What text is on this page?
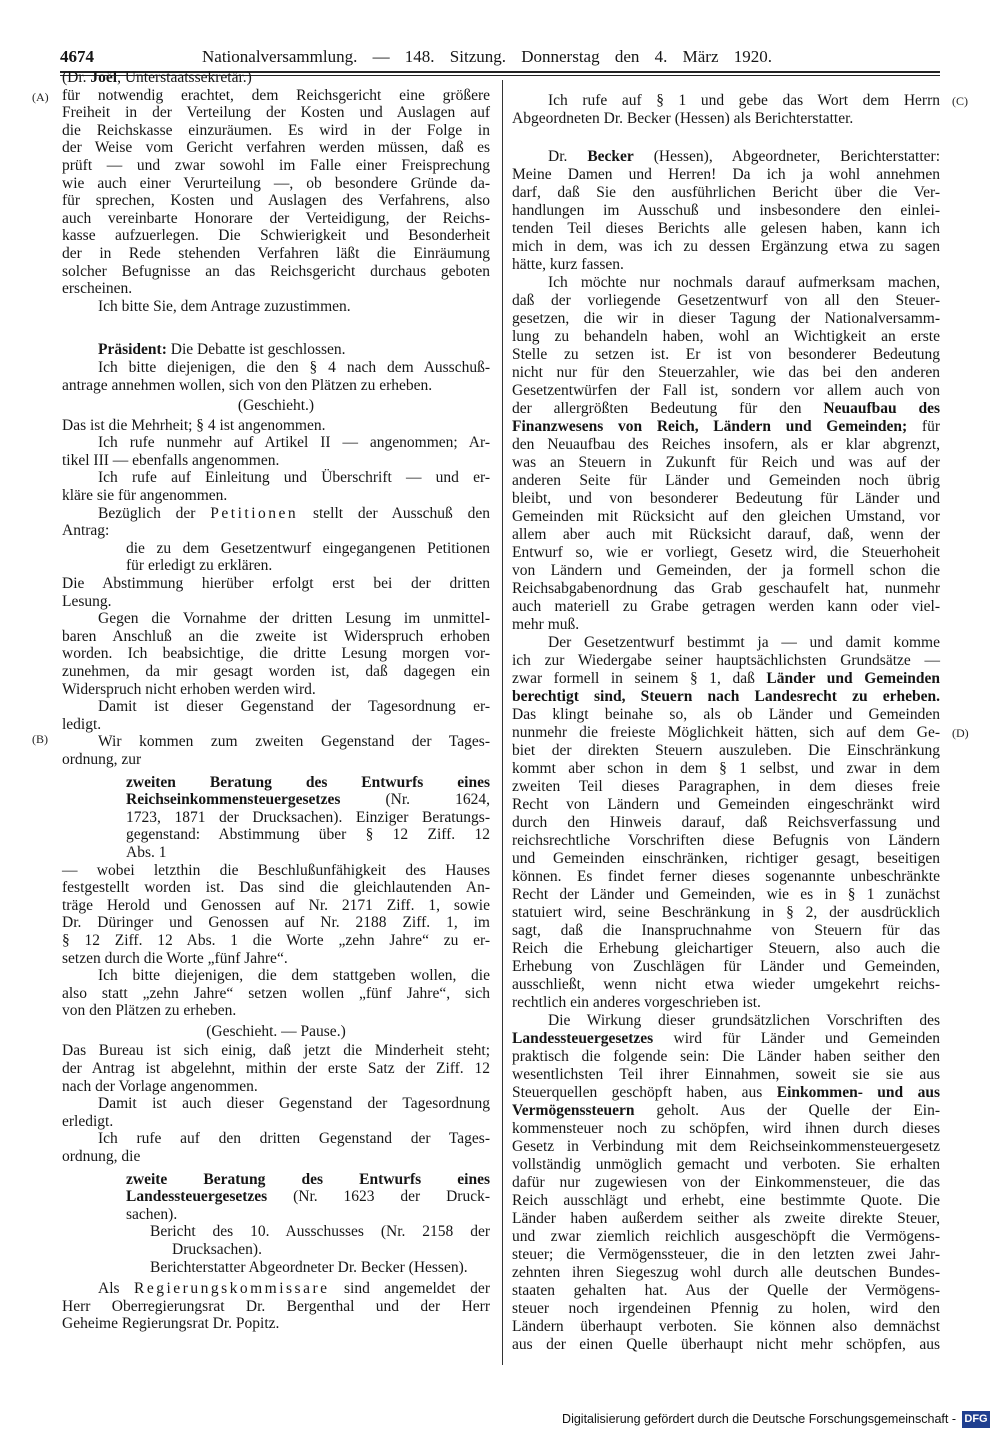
4674	Nationalversammlung. — 148. Sitzung. Donnerstag den 4. März 1920.
(A)
(B)
(C)
(D)
(Dr. Joël, Unterstaatssekretär.)
für notwendig erachtet, dem Reichsgericht eine größere
Freiheit in der Verteilung der Kosten und Auslagen auf
die Reichskasse einzuräumen. Es wird in der Folge in
der Weise vom Gericht verfahren werden müssen, daß es
prüft — und zwar sowohl im Falle einer Freisprechung
wie auch einer Verurteilung —, ob besondere Gründe da-
für sprechen, Kosten und Auslagen des Verfahrens, also
auch vereinbarte Honorare der Verteidigung, der Reichs-
kasse aufzuerlegen. Die Schwierigkeit und Besonderheit
der in Rede stehenden Verfahren läßt die Einräumung
solcher Befugnisse an das Reichsgericht durchaus geboten
erscheinen.
Ich bitte Sie, dem Antrage zuzustimmen.
Präsident: Die Debatte ist geschlossen.
Ich bitte diejenigen, die den § 4 nach dem Ausschuß-
antrage annehmen wollen, sich von den Plätzen zu erheben.
(Geschieht.)
Das ist die Mehrheit; § 4 ist angenommen.
Ich rufe nunmehr auf Artikel II — angenommen; Ar-
tikel III — ebenfalls angenommen.
Ich rufe auf Einleitung und Überschrift — und er-
kläre sie für angenommen.
Bezüglich der Petitionen stellt der Ausschuß den
Antrag:
die zu dem Gesetzentwurf eingegangenen Petitionen
für erledigt zu erklären.
Die Abstimmung hierüber erfolgt erst bei der dritten
Lesung.
Gegen die Vornahme der dritten Lesung im unmittel-
baren Anschluß an die zweite ist Widerspruch erhoben
worden. Ich beabsichtige, die dritte Lesung morgen vor-
zunehmen, da mir gesagt worden ist, daß dagegen ein
Widerspruch nicht erhoben werden wird.
Damit ist dieser Gegenstand der Tagesordnung er-
ledigt.
Wir kommen zum zweiten Gegenstand der Tages-
ordnung, zur
zweiten Beratung des Entwurfs eines
Reichseinkommensteuergesetzes (Nr. 1624,
1723, 1871 der Drucksachen). Einziger Beratungs-
gegenstand: Abstimmung über § 12 Ziff. 12
Abs. 1
— wobei letzthin die Beschlußunfähigkeit des Hauses
festgestellt worden ist. Das sind die gleichlautenden An-
träge Herold und Genossen auf Nr. 2171 Ziff. 1, sowie
Dr. Düringer und Genossen auf Nr. 2188 Ziff. 1, im
§ 12 Ziff. 12 Abs. 1 die Worte „zehn Jahre“ zu er-
setzen durch die Worte „fünf Jahre“.
Ich bitte diejenigen, die dem stattgeben wollen, die
also statt „zehn Jahre“ setzen wollen „fünf Jahre“, sich
von den Plätzen zu erheben.
(Geschieht. — Pause.)
Das Bureau ist sich einig, daß jetzt die Minderheit steht;
der Antrag ist abgelehnt, mithin der erste Satz der Ziff. 12
nach der Vorlage angenommen.
Damit ist auch dieser Gegenstand der Tagesordnung
erledigt.
Ich rufe auf den dritten Gegenstand der Tages-
ordnung, die
zweite Beratung des Entwurfs eines
Landessteuergesetzes (Nr. 1623 der Druck-
sachen).
Bericht des 10. Ausschusses (Nr. 2158 der
Drucksachen).
Berichterstatter Abgeordneter Dr. Becker (Hessen).
Als Regierungskommissare sind angemeldet der
Herr Oberregierungsrat Dr. Bergenthal und der Herr
Geheime Regierungsrat Dr. Popitz.
Ich rufe auf § 1 und gebe das Wort dem Herrn
Abgeordneten Dr. Becker (Hessen) als Berichterstatter.
Dr. Becker (Hessen), Abgeordneter, Berichterstatter:
Meine Damen und Herren! Da ich ja wohl annehmen
darf, daß Sie den ausführlichen Bericht über die Ver-
handlungen im Ausschuß und insbesondere den einlei-
tenden Teil dieses Berichts alle gelesen haben, kann ich
mich in dem, was ich zu dessen Ergänzung etwa zu sagen
hätte, kurz fassen.
Ich möchte nur nochmals darauf aufmerksam machen,
daß der vorliegende Gesetzentwurf von all den Steuer-
gesetzen, die wir in dieser Tagung der Nationalversamm-
lung zu behandeln haben, wohl an Wichtigkeit an erste
Stelle zu setzen ist. Er ist von besonderer Bedeutung
nicht nur für den Steuerzahler, wie das bei den anderen
Gesetzentwürfen der Fall ist, sondern vor allem auch von
der allergrößten Bedeutung für den Neuaufbau des
Finanzwesens von Reich, Ländern und Gemeinden; für
den Neuaufbau des Reiches insofern, als er klar abgrenzt,
was an Steuern in Zukunft für Reich und was auf der
anderen Seite für Länder und Gemeinden noch übrig
bleibt, und von besonderer Bedeutung für Länder und
Gemeinden mit Rücksicht auf den gleichen Umstand, vor
allem aber auch mit Rücksicht darauf, daß, wenn der
Entwurf so, wie er vorliegt, Gesetz wird, die Steuerhoheit
von Ländern und Gemeinden, der ja formell schon die
Reichsabgabenordnung das Grab geschaufelt hat, nunmehr
auch materiell zu Grabe getragen werden kann oder viel-
mehr muß.
Der Gesetzentwurf bestimmt ja — und damit komme
ich zur Wiedergabe seiner hauptsächlichsten Grundsätze —
zwar formell in seinem § 1, daß Länder und Gemeinden
berechtigt sind, Steuern nach Landesrecht zu erheben.
Das klingt beinahe so, als ob Länder und Gemeinden
nunmehr die freieste Möglichkeit hätten, sich auf dem Ge-
biet der direkten Steuern auszuleben. Die Einschränkung
kommt aber schon in dem § 1 selbst, und zwar in dem
zweiten Teil dieses Paragraphen, in dem dieses freie
Recht von Ländern und Gemeinden eingeschränkt wird
durch den Hinweis darauf, daß Reichsverfassung und
reichsrechtliche Vorschriften diese Befugnis von Ländern
und Gemeinden einschränken, richtiger gesagt, beseitigen
können. Es findet ferner dieses sogenannte unbeschränkte
Recht der Länder und Gemeinden, wie es in § 1 zunächst
statuiert wird, seine Beschränkung in § 2, der ausdrücklich
sagt, daß die Inanspruchnahme von Steuern für das
Reich die Erhebung gleichartiger Steuern, also auch die
Erhebung von Zuschlägen für Länder und Gemeinden,
ausschließt, wenn nicht etwa wieder umgekehrt reichs-
rechtlich ein anderes vorgeschrieben ist.
Die Wirkung dieser grundsätzlichen Vorschriften des
Landessteuergesetzes wird für Länder und Gemeinden
praktisch die folgende sein: Die Länder haben seither den
wesentlichsten Teil ihrer Einnahmen, soweit sie sie aus
Steuerquellen geschöpft haben, aus Einkommen- und aus
Vermögenssteuern geholt. Aus der Quelle der Ein-
kommensteuer noch zu schöpfen, wird ihnen durch dieses
Gesetz in Verbindung mit dem Reichseinkommensteuergesetz
vollständig unmöglich gemacht und verboten. Sie erhalten
dafür nur zugewiesen von der Einkommensteuer, die das
Reich ausschlägt und erhebt, eine bestimmte Quote. Die
Länder haben außerdem seither als zweite direkte Steuer,
und zwar ziemlich reichlich ausgeschöpft die Vermögens-
steuer; die Vermögenssteuer, die in den letzten zwei Jahr-
zehnten ihren Siegeszug wohl durch alle deutschen Bundes-
staaten gehalten hat. Aus der Quelle der Vermögens-
steuer noch irgendeinen Pfennig zu holen, wird den
Ländern überhaupt verboten. Sie können also demnächst
aus der einen Quelle überhaupt nicht mehr schöpfen, aus
Digitalisierung gefördert durch die Deutsche Forschungsgemeinschaft - DFG
